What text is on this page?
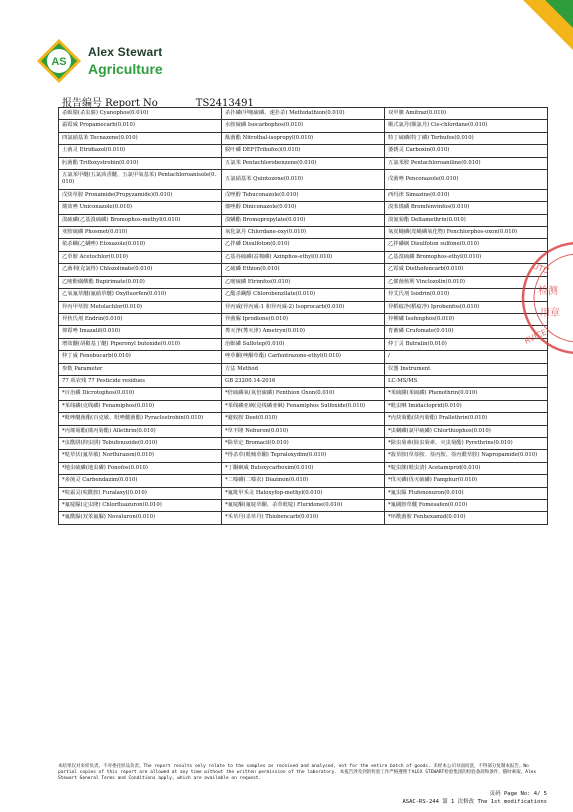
AS
Alex Stewart
Agriculture
报告编号 Report No	TS2413491
杀螟腈(杀虫腈) Cyanophos(0.010)	杀扑磷(甲噻硫磷、速扑杀) Methidathion(0.010)	双甲脒 Amitraz(0.010)
霜霉威 Propamocarb(0.010)	水胺硫磷 Isocarbophos(0.010)	顺式氯丹(顺氯丹) Cis-chlordane(0.010)
四氯硝基苯 Tecnazene(0.010)	酞菌酯 Nitrothal-isopropyl(0.010)	特丁硫磷(特丁磷) Terbufos(0.010)
土菌灵 Etridiazol(0.010)	脱叶磷 DEF(Tribufos)(0.010)	萎锈灵 Carboxin(0.010)
肟菌酯 Trifloxystrobin(0.010)	五氯苯 Pentachlorobenzene(0.010)	五氯苯胺 Pentachloroaniline(0.010)
五氯苯甲醚(五氯茴香醚、五氯甲氧基苯) Pentachloroanisole(0.010)	五氯硝基苯 Quintozene(0.010)	戊菌唑 Penconazole(0.010)
戊炔草胺 Pronamide(Propyzamide)(0.010)	戊唑醇 Tebuconazole(0.010)	西玛津 Simazine(0.010)
烯效唑 Uniconazole(0.010)	烯唑醇 Diniconazole(0.010)	溴苯烯磷 Bromfenvinfos(0.010)
溴硫磷(乙基溴硫磷) Bromophos-methyl(0.010)	溴螨酯 Bromopropylate(0.010)	溴氰菊酯 Deltamethrin(0.010)
亚胺硫磷 Phosmet(0.010)	氧化氯丹 Chlordane-oxy(0.010)	氧皮蝇磷(皮蝇磷氧化物) Fenchlorphos-oxon(0.010)
依杀螨(乙螨唑) Etoxazole(0.010)	乙拌磷 Disulfoton(0.010)	乙拌磷砜 Disulfoton sulfone(0.010)
乙草胺 Acetochlor(0.010)	乙基谷硫磷(益棉磷) Azinphos-ethyl(0.010)	乙基溴硫磷 Bromophos-ethyl(0.010)
乙菌利(克氯得) Chlozolinate(0.010)	乙硫磷 Ethion(0.010)	乙霉威 Diethofencarb(0.010)
乙嘧酚磺酸酯 Bupirimate(0.010)	乙嘧硫磷 Etrimfos(0.010)	乙烯菌核利 Vinclozolin(0.010)
乙氧氟草醚(氟硝草醚) Oxyfluorfen(0.010)	乙酯杀螨醇 Chlorobenzilate(0.010)	异艾氏剂 Isodrin(0.010)
异丙甲草胺 Metolachlor(0.010)	异丙威(异丙威-1 和异丙威-2) Isoprocarb(0.010)	异稻瘟净(稻瘟净) Iprobenfos(0.010)
异狄氏剂 Endrin(0.010)	异菌脲 Iprodione(0.010)	异柳磷 Isofenphos(0.010)
抑霉唑 Imazalil(0.010)	莠灭净(莠灭津) Ametryn(0.010)	育畜磷 Crufomate(0.010)
增效醚(胡椒基丁醚) Piperonyl butoxide(0.010)	治螟磷 Sulfotep(0.010)	仲丁灵 Butralin(0.010)
仲丁威 Fenobucarb(0.010)	唑草酮(唑酮草酯) Carfentrazone-ethyl(0.010)	/
参数 Parameter	方法 Method	仪器 Instrument
77 项农残 77 Pesticide residues	GB 23200.14-2016	LC-MS/MS
*百治磷 Dicrotophos(0.010)	*倍硫磷氧(氧倍硫磷) Fenthion Oxon(0.010)	*苯硫膦(苯硫磷) Phenothrin(0.010)
*苯线磷(克线磷) Fenamiphos(0.010)	*苯线磷亚砜(克线磷亚砜) Fenamiphos Sulfoxide(0.010)	*吡虫啉 Imidacloprid(0.010)
*吡唑醚菌酯(百克敏、吡唑醚菌酯) Pyraclostrobin(0.010)	*避蚊胺 Deet(0.010)	*丙炔菊酯(炔丙菊酯) Prallethrin(0.010)
*丙烯菊酯(烯丙菊酯) Allethrin(0.010)	*草不隆 Neburon(0.010)	*虫螨磷(氯甲硫磷) Chlorthiophos(0.010)
*虫酰肼(抑虫肼) Tebufenozide(0.010)	*除草定 Bromacil(0.010)	*除虫菊素(除虫菊素、灭虫菊酯) Pyrethrins(0.010)
*哒草伏(氟草敏) Norflurazon(0.010)	*得杀草(吡喃草酮) Tepraloxydim(0.010)	*敌草胺(草萘胺、萘丙胺、萘丙酰草胺) Napropamide(0.010)
*地虫硫磷(地虫磷) Fonofos(0.010)	*丁酮砜威 Butoxycarboxim(0.010)	*啶虫脒(吡虫清) Acetamiprid(0.010)
*多菌灵 Carbendazim(0.010)	*二嗪磷(二嗪农) Diazinon(0.010)	*伐灭磷(伐灭硫磷) Famphur(0.010)
*呋霜灵(呋酰胺) Furalaxyl(0.010)	*氟吡甲禾灵 Haloxyfop-methyl(0.010)	*氟虫脲 Flufenoxuron(0.010)
*氟啶脲(定虫隆) Chlorfluazuron(0.010)	*氟啶酮(氟啶草酮、杀草吡啶) Fluridone(0.010)	*氟磺胺草醚 Fomesafen(0.010)
*氟酰脲(双苯氟脲) Novaluron(0.010)	*禾草丹(杀草丹) Thiobencarb(0.010)	*环酰菌胺 Fenhexamid(0.010)
UTU
检测
用章
RVICE
本结果仅对来样负责。不对委托样品负责。The report results only relate to the samples as received and analysed, not for the entire batch of goods. 未经本公司书面同意，不得部分复制本报告。No partial copies of this report are allowed at any time without the written permission of the laboratory. 本报告涉及到的检验工作严格遵照于ALEX STEWART检验集团的检验条款和条件，随时索取。Alex Stewart General Terms and Conditions apply, which are available on request.
页码 Page No: 4/ 5
ASAC-RS-244 第 1 次修改 The 1st modifications
